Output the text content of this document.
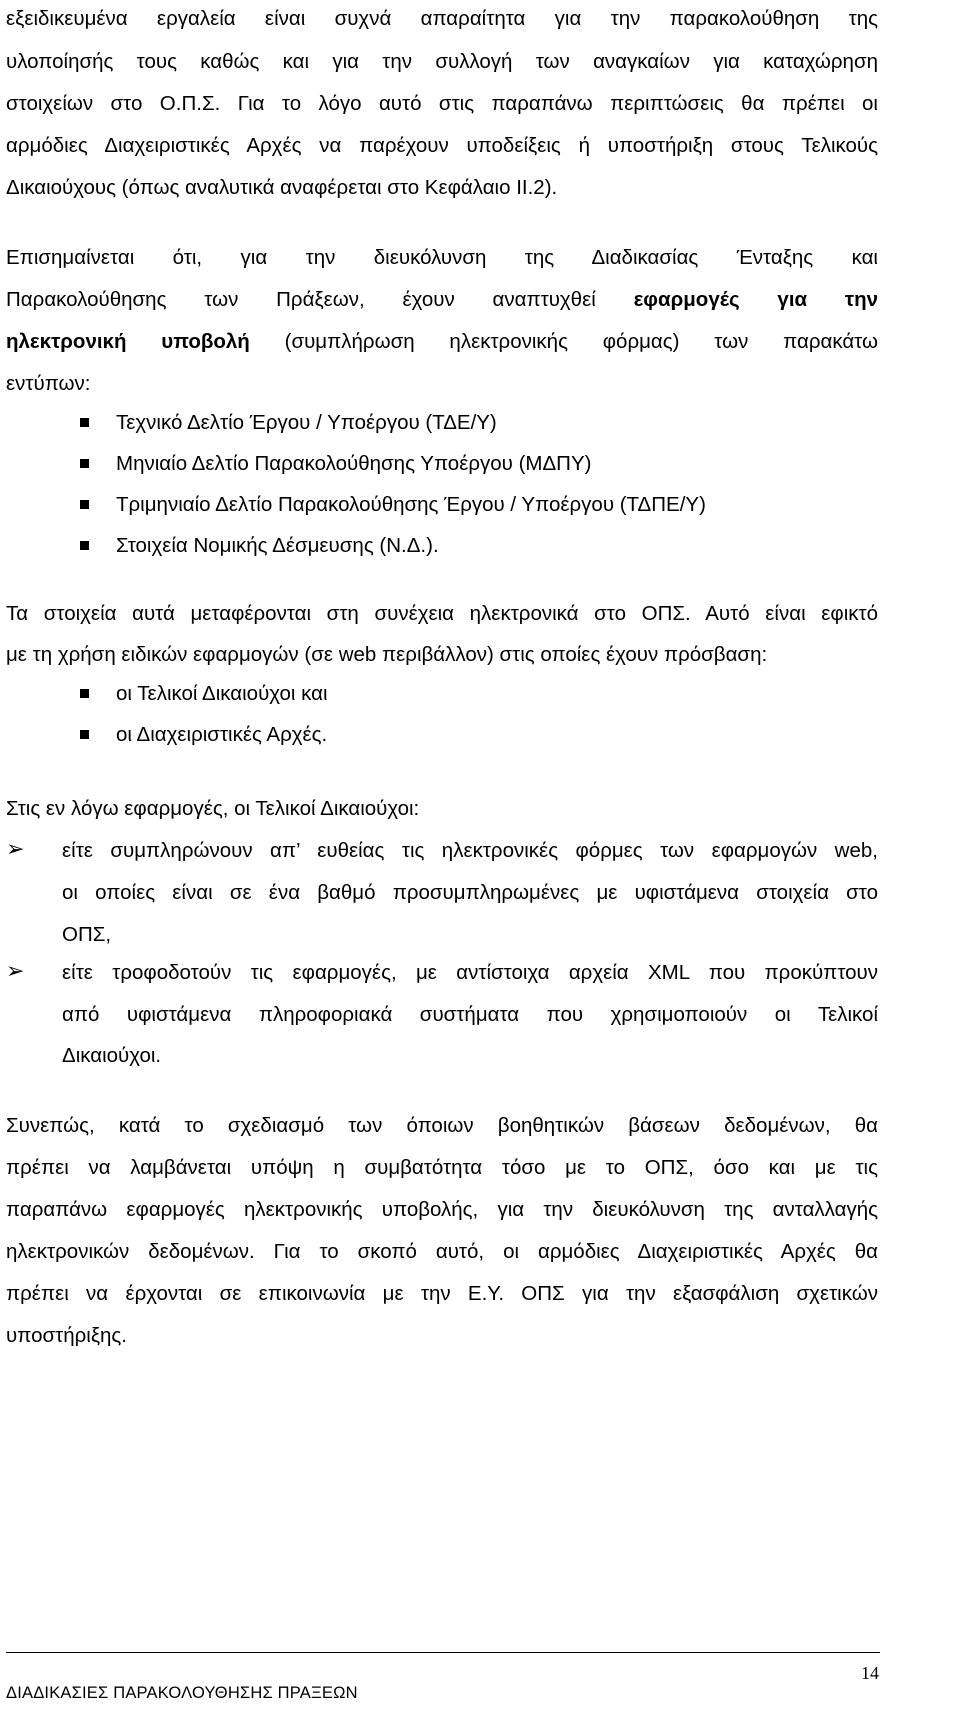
εξειδικευμένα εργαλεία είναι συχνά απαραίτητα για την παρακολούθηση της
υλοποίησής τους καθώς και για την συλλογή των αναγκαίων για καταχώρηση
στοιχείων στο Ο.Π.Σ. Για το λόγο αυτό στις παραπάνω περιπτώσεις θα πρέπει οι
αρμόδιες Διαχειριστικές Αρχές να παρέχουν υποδείξεις ή υποστήριξη στους Τελικούς
Δικαιούχους (όπως αναλυτικά αναφέρεται στο Κεφάλαιο ΙΙ.2).
Επισημαίνεται ότι, για την διευκόλυνση της Διαδικασίας Ένταξης και
Παρακολούθησης των Πράξεων, έχουν αναπτυχθεί εφαρμογές για την
ηλεκτρονική υποβολή (συμπλήρωση ηλεκτρονικής φόρμας) των παρακάτω
εντύπων:
Τεχνικό Δελτίο Έργου / Υποέργου (ΤΔΕ/Υ)
Μηνιαίο Δελτίο Παρακολούθησης Υποέργου (ΜΔΠΥ)
Τριμηνιαίο Δελτίο Παρακολούθησης Έργου / Υποέργου (ΤΔΠΕ/Υ)
Στοιχεία Νομικής Δέσμευσης (Ν.Δ.).
Τα στοιχεία αυτά μεταφέρονται στη συνέχεια ηλεκτρονικά στο ΟΠΣ. Αυτό είναι εφικτό
με τη χρήση ειδικών εφαρμογών (σε web περιβάλλον) στις οποίες έχουν πρόσβαση:
οι Τελικοί Δικαιούχοι και
οι Διαχειριστικές Αρχές.
Στις εν λόγω εφαρμογές, οι Τελικοί Δικαιούχοι:
➢ είτε συμπληρώνουν απ’ ευθείας τις ηλεκτρονικές φόρμες των εφαρμογών web,
οι οποίες είναι σε ένα βαθμό προσυμπληρωμένες με υφιστάμενα στοιχεία στο
ΟΠΣ,
➢ είτε τροφοδοτούν τις εφαρμογές, με αντίστοιχα αρχεία XML που προκύπτουν
από υφιστάμενα πληροφοριακά συστήματα που χρησιμοποιούν οι Τελικοί
Δικαιούχοι.
Συνεπώς, κατά το σχεδιασμό των όποιων βοηθητικών βάσεων δεδομένων, θα
πρέπει να λαμβάνεται υπόψη η συμβατότητα τόσο με το ΟΠΣ, όσο και με τις
παραπάνω εφαρμογές ηλεκτρονικής υποβολής, για την διευκόλυνση της ανταλλαγής
ηλεκτρονικών δεδομένων. Για το σκοπό αυτό, οι αρμόδιες Διαχειριστικές Αρχές θα
πρέπει να έρχονται σε επικοινωνία με την Ε.Υ. ΟΠΣ για την εξασφάλιση σχετικών
υποστήριξης.
ΔΙΑΔΙΚΑΣΙΕΣ ΠΑΡΑΚΟΛΟΥΘΗΣΗΣ ΠΡΑΞΕΩΝ
14
